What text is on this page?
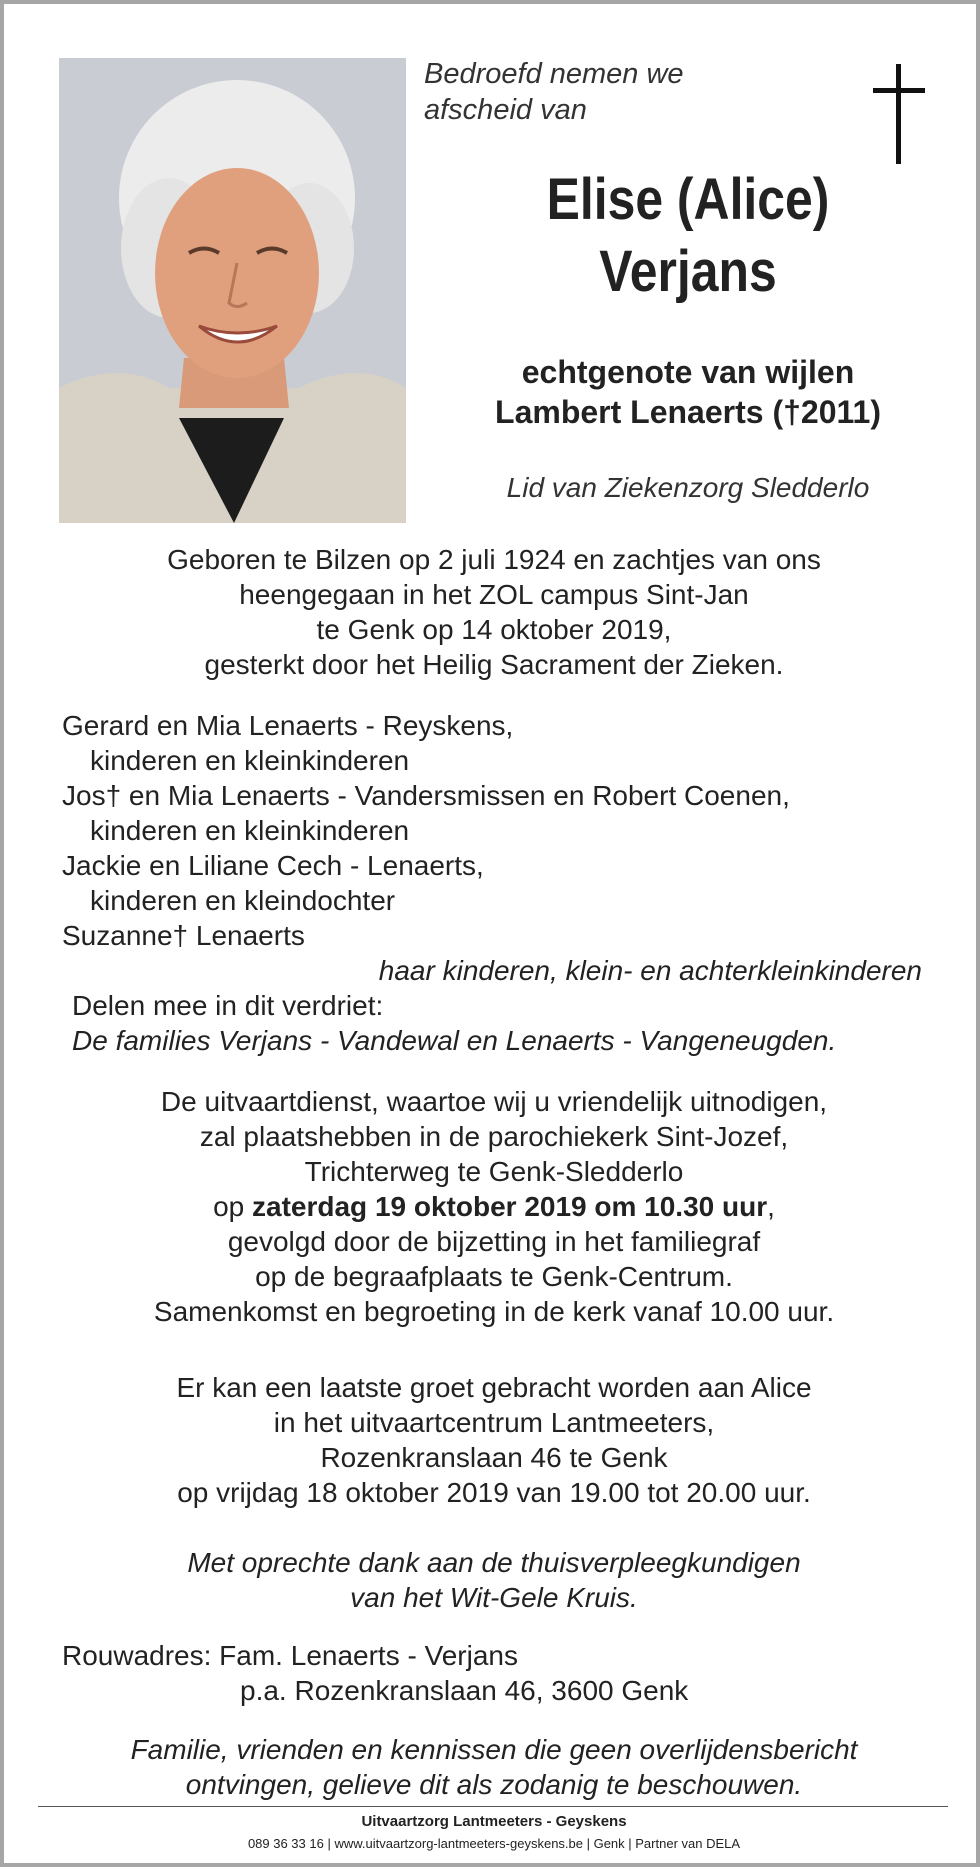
Bedroefd nemen we
afscheid van
Elise (Alice)
Verjans
echtgenote van wijlen
Lambert Lenaerts (†2011)
Lid van Ziekenzorg Sledderlo
Geboren te Bilzen op 2 juli 1924 en zachtjes van ons
heengegaan in het ZOL campus Sint-Jan
te Genk op 14 oktober 2019,
gesterkt door het Heilig Sacrament der Zieken.
Gerard en Mia Lenaerts - Reyskens,
kinderen en kleinkinderen
Jos† en Mia Lenaerts - Vandersmissen en Robert Coenen,
kinderen en kleinkinderen
Jackie en Liliane Cech - Lenaerts,
kinderen en kleindochter
Suzanne† Lenaerts
haar kinderen, klein- en achterkleinkinderen
Delen mee in dit verdriet:
De families Verjans - Vandewal en Lenaerts - Vangeneugden.
De uitvaartdienst, waartoe wij u vriendelijk uitnodigen,
zal plaatshebben in de parochiekerk Sint-Jozef,
Trichterweg te Genk-Sledderlo
op zaterdag 19 oktober 2019 om 10.30 uur,
gevolgd door de bijzetting in het familiegraf
op de begraafplaats te Genk-Centrum.
Samenkomst en begroeting in de kerk vanaf 10.00 uur.
Er kan een laatste groet gebracht worden aan Alice
in het uitvaartcentrum Lantmeeters,
Rozenkranslaan 46 te Genk
op vrijdag 18 oktober 2019 van 19.00 tot 20.00 uur.
Met oprechte dank aan de thuisverpleegkundigen
van het Wit-Gele Kruis.
Rouwadres: Fam. Lenaerts - Verjans
p.a. Rozenkranslaan 46, 3600 Genk
Familie, vrienden en kennissen die geen overlijdensbericht
ontvingen, gelieve dit als zodanig te beschouwen.
Uitvaartzorg Lantmeeters - Geyskens
089 36 33 16 | www.uitvaartzorg-lantmeeters-geyskens.be | Genk | Partner van DELA
